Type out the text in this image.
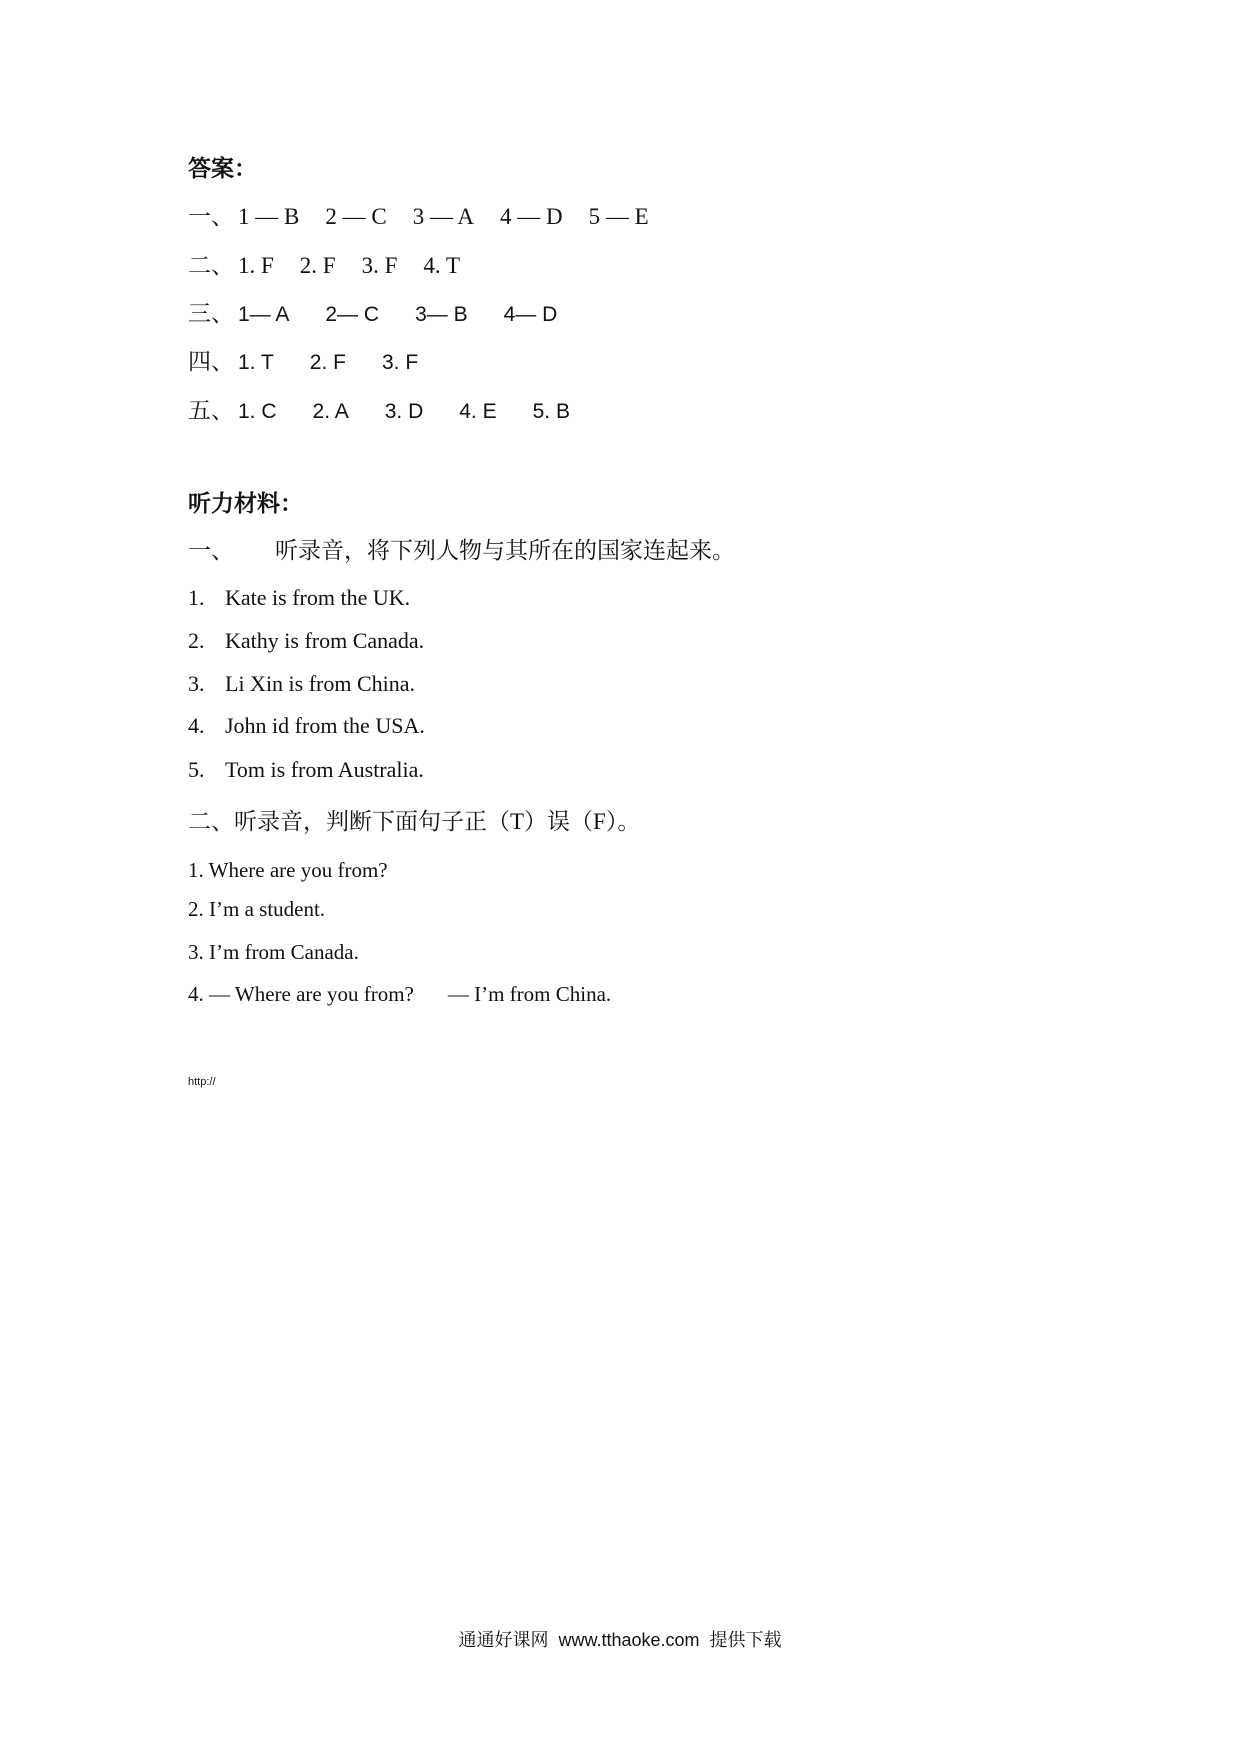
答案：
一、 1 — B 2 — C 3 — A 4 — D 5 — E
二、 1. F 2. F 3. F 4. T
三、 1— A 2— C 3— B 4— D
四、 1. T 2. F 3. F
五、 1. C 2. A 3. D 4. E 5. B
听力材料：
一、 听录音，将下列人物与其所在的国家连起来。
1. Kate is from the UK.
2. Kathy is from Canada.
3. Li Xin is from China.
4. John id from the USA.
5. Tom is from Australia.
二、听录音，判断下面句子正（T）误（F）。
1. Where are you from?
2. I’m a student.
3. I’m from Canada.
4. — Where are you from? — I’m from China.
http://
通通好课网  www.tthaoke.com  提供下载
